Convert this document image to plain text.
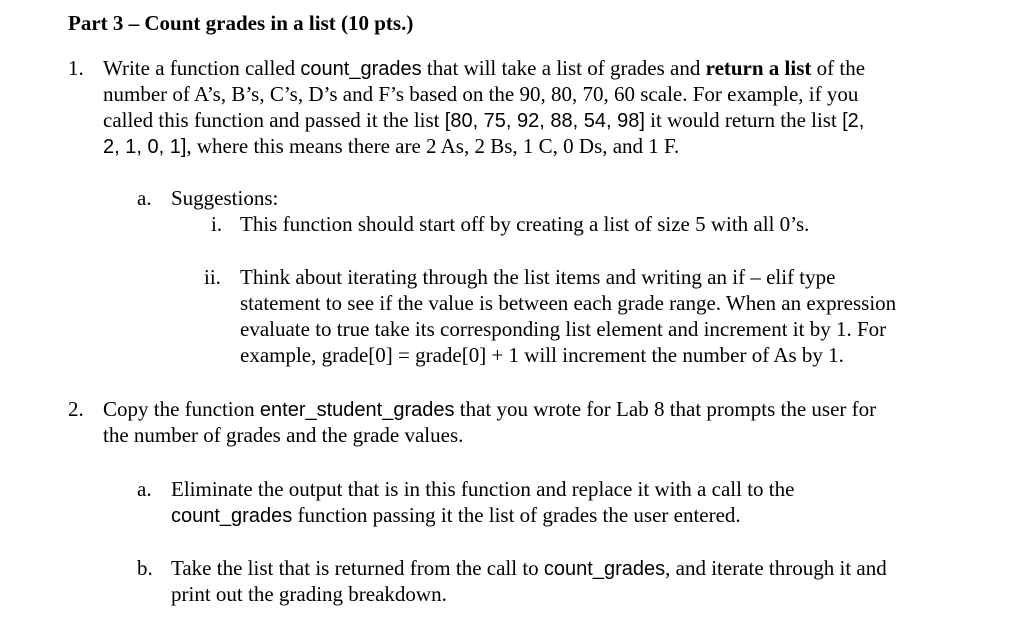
Part 3 – Count grades in a list (10 pts.)
1. Write a function called count_grades that will take a list of grades and return a list of the
number of A’s, B’s, C’s, D’s and F’s based on the 90, 80, 70, 60 scale. For example, if you
called this function and passed it the list [80, 75, 92, 88, 54, 98] it would return the list [2,
2, 1, 0, 1], where this means there are 2 As, 2 Bs, 1 C, 0 Ds, and 1 F.
a. Suggestions:
i. This function should start off by creating a list of size 5 with all 0’s.
ii. Think about iterating through the list items and writing an if – elif type
statement to see if the value is between each grade range. When an expression
evaluate to true take its corresponding list element and increment it by 1. For
example, grade[0] = grade[0] + 1 will increment the number of As by 1.
2. Copy the function enter_student_grades that you wrote for Lab 8 that prompts the user for
the number of grades and the grade values.
a. Eliminate the output that is in this function and replace it with a call to the
count_grades function passing it the list of grades the user entered.
b. Take the list that is returned from the call to count_grades, and iterate through it and
print out the grading breakdown.
